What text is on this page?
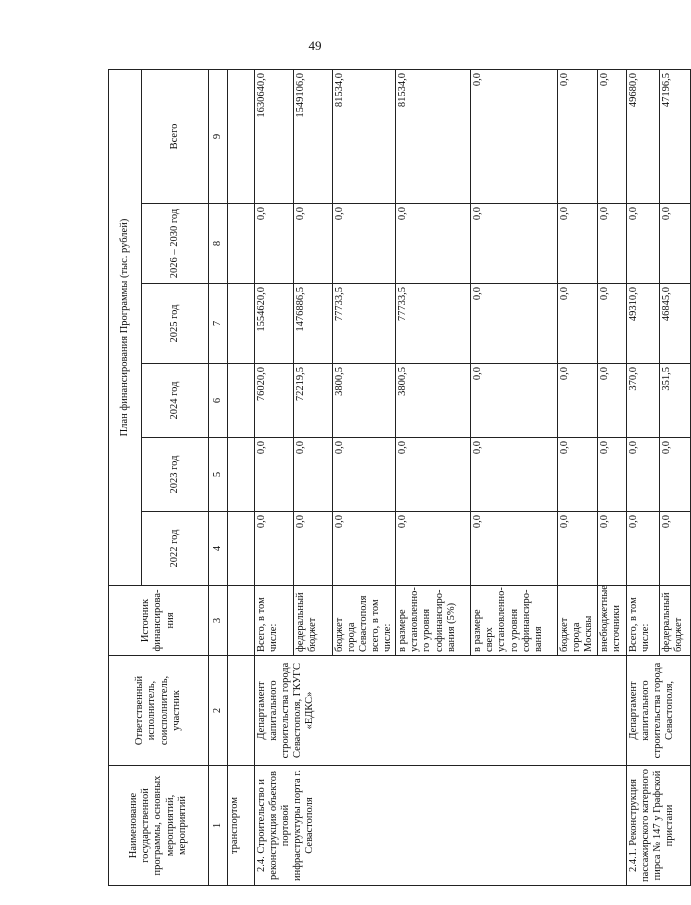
49
Наименование государственной программы, основных мероприятий, мероприятий	Ответственный исполнитель, соисполнитель, участник	Источник финансирова-ния	План финансирования Программы (тыс. рублей)					
			2022 год	2023 год	2024 год	2025 год	2026 – 2030 год	Всего
1	2	3	4	5	6	7	8	9
транспортом								
2.4. Строительство и реконструкция объектов портовой инфраструктуры порта г. Севастополя	Департамент капитального строительства города Севастополя, ГКУГС «ЕДКС»	Всего, в том числе:	0,0	0,0	76020,0	1554620,0	0,0	1630640,0
		федеральный бюджет	0,0	0,0	72219,5	1476886,5	0,0	1549106,0
		бюджет города Севастополя всего, в том числе:	0,0	0,0	3800,5	77733,5	0,0	81534,0
		в размере установленно-го уровня софинансиро-вания (5%)	0,0	0,0	3800,5	77733,5	0,0	81534,0
		в размере сверх установленно-го уровня софинансиро-вания	0,0	0,0	0,0	0,0	0,0	0,0
		бюджет города Москвы	0,0	0,0	0,0	0,0	0,0	0,0
		внебюджетные источники	0,0	0,0	0,0	0,0	0,0	0,0
2.4.1. Реконструкция пассажирского катерного пирса № 147 у Графской пристани	Департамент капитального строительства города Севастополя,	Всего, в том числе:	0,0	0,0	370,0	49310,0	0,0	49680,0
		федеральный бюджет	0,0	0,0	351,5	46845,0	0,0	47196,5
